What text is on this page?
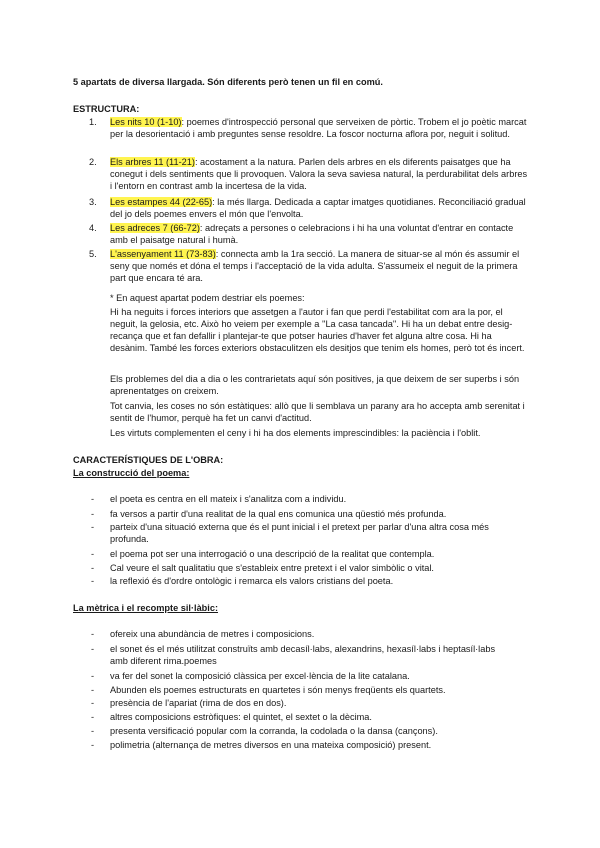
5 apartats de diversa llargada. Són diferents però tenen un fil en comú.
ESTRUCTURA:
1. Les nits 10 (1-10): poemes d'introspecció personal que serveixen de pòrtic. Trobem el jo poètic marcat per la desorientació i amb preguntes sense resoldre. La foscor nocturna aflora por, neguit i solitud.
2. Els arbres 11 (11-21): acostament a la natura. Parlen dels arbres en els diferents paisatges que ha conegut i dels sentiments que li provoquen. Valora la seva saviesa natural, la perdurabilitat dels arbres i l'entorn en contrast amb la incertesa de la vida.
3. Les estampes 44 (22-65): la més llarga. Dedicada a captar imatges quotidianes. Reconciliació gradual del jo dels poemes envers el món que l'envolta.
4. Les adreces 7 (66-72): adreçats a persones o celebracions i hi ha una voluntat d'entrar en contacte amb el paisatge natural i humà.
5. L'assenyament 11 (73-83): connecta amb la 1ra secció. La manera de situar-se al món és assumir el seny que només et dóna el temps i l'acceptació de la vida adulta. S'assumeix el neguit de la primera part que encara té ara.
* En aquest apartat podem destriar els poemes:
Hi ha neguits i forces interiors que assetgen a l'autor i fan que perdi l'estabilitat com ara la por, el neguit, la gelosia, etc. Això ho veiem per exemple a ''La casa tancada''. Hi ha un debat entre desig-recança que et fan defallir i plantejar-te que potser hauries d'haver fet alguna altre cosa. Hi ha desànim. També les forces exteriors obstaculitzen els desitjos que tenim els homes, però tot és incert.
Els problemes del dia a dia o les contrarietats aquí són positives, ja que deixem de ser superbs i són aprenentatges on creixem.
Tot canvia, les coses no són estàtiques: allò que li semblava un parany ara ho accepta amb serenitat i sentit de l'humor, perquè ha fet un canvi d'actitud.
Les virtuts complementen el ceny i hi ha dos elements imprescindibles: la paciència i l'oblit.
CARACTERÍSTIQUES DE L'OBRA:
La construcció del poema:
- el poeta es centra en ell mateix i s'analitza com a individu.
- fa versos a partir d'una realitat de la qual ens comunica una qüestió més profunda.
- parteix d'una situació externa que és el punt inicial i el pretext per parlar d'una altra cosa més profunda.
- el poema pot ser una interrogació o una descripció de la realitat que contempla.
- Cal veure el salt qualitatiu que s'estableix entre pretext i el valor simbòlic o vital.
- la reflexió és d'ordre ontològic i remarca els valors cristians del poeta.
La mètrica i el recompte sil·làbic:
- ofereix una abundància de metres i composicions.
- el sonet és el més utilitzat construïts amb decasíl·labs, alexandrins, hexasíl·labs i heptasíl·labs amb diferent rima.poemes
- va fer del sonet la composició clàssica per excel·lència de la lite catalana.
- Abunden els poemes estructurats en quartetes i són menys freqüents els quartets.
- presència de l'apariat (rima de dos en dos).
- altres composicions estròfiques: el quintet, el sextet o la dècima.
- presenta versificació popular com la corranda, la codolada o la dansa (cançons).
- polimetria (alternança de metres diversos en una mateixa composició) present.
